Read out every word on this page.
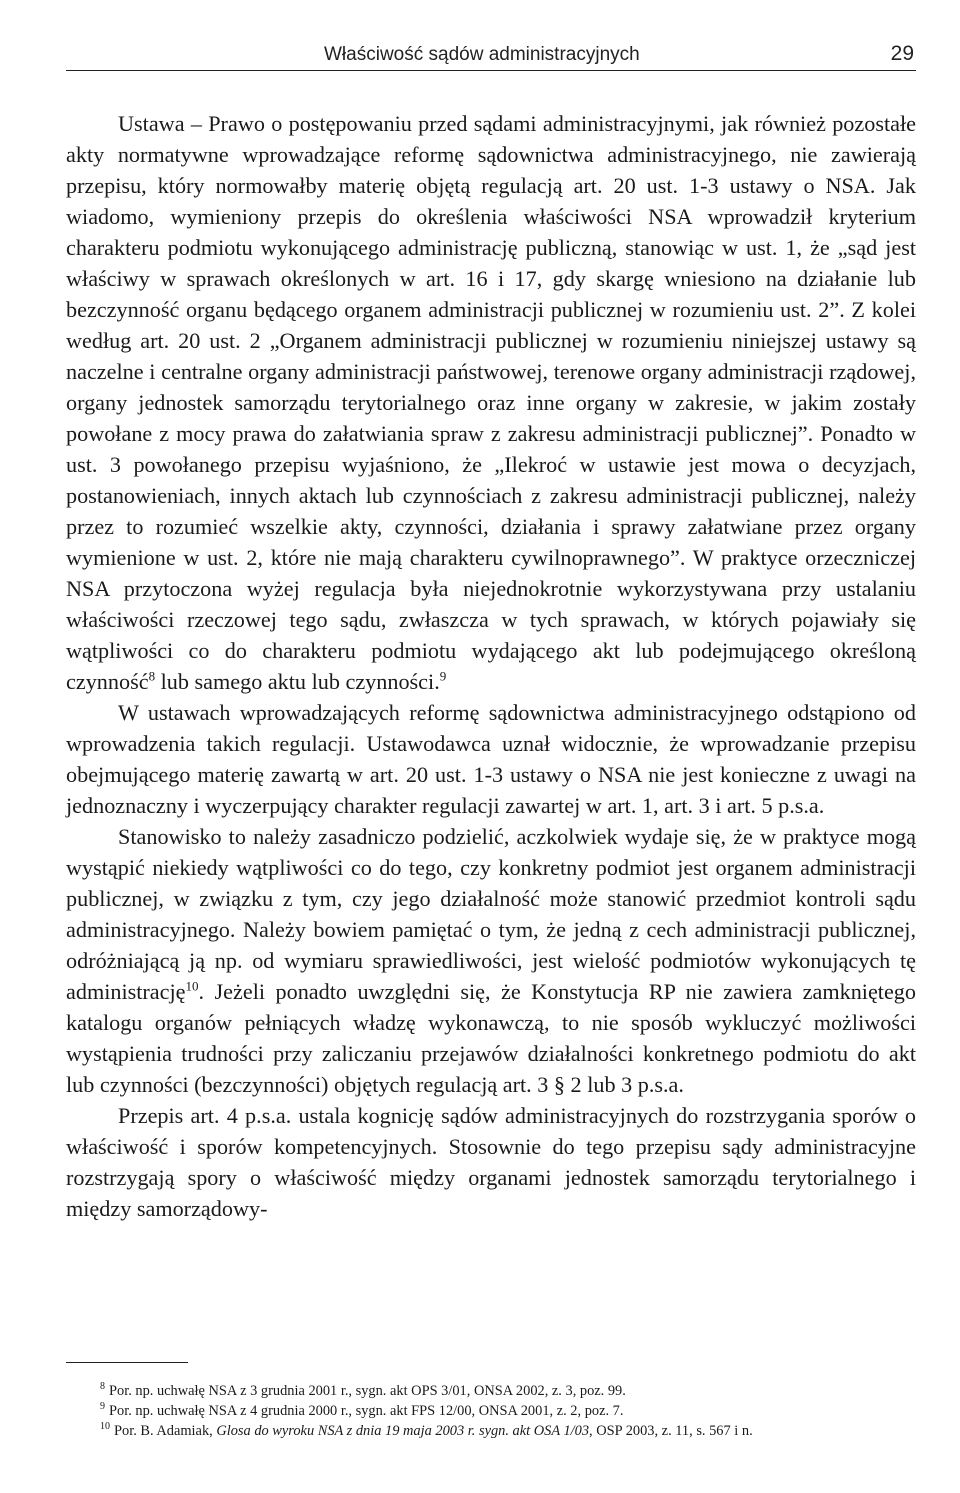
Właściwość sądów administracyjnych	29

Ustawa – Prawo o postępowaniu przed sądami administracyjnymi, jak również pozostałe akty normatywne wprowadzające reformę sądownictwa administracyjnego, nie zawierają przepisu, który normowałby materię objętą regulacją art. 20 ust. 1-3 ustawy o NSA. Jak wiadomo, wymieniony przepis do określenia właściwości NSA wprowadził kryterium charakteru podmiotu wykonującego administrację publiczną, stanowiąc w ust. 1, że „sąd jest właściwy w sprawach określonych w art. 16 i 17, gdy skargę wniesiono na działanie lub bezczynność organu będącego organem administracji publicznej w rozumieniu ust. 2”. Z kolei według art. 20 ust. 2 „Organem administracji publicznej w rozumieniu niniejszej ustawy są naczelne i centralne organy administracji państwowej, terenowe organy administracji rządowej, organy jednostek samorządu terytorialnego oraz inne organy w zakresie, w jakim zostały powołane z mocy prawa do załatwiania spraw z zakresu administracji publicznej”. Ponadto w ust. 3 powołanego przepisu wyjaśniono, że „Ilekroć w ustawie jest mowa o decyzjach, postanowieniach, innych aktach lub czynnościach z zakresu administracji publicznej, należy przez to rozumieć wszelkie akty, czynności, działania i sprawy załatwiane przez organy wymienione w ust. 2, które nie mają charakteru cywilnoprawnego”. W praktyce orzeczniczej NSA przytoczona wyżej regulacja była niejednokrotnie wykorzystywana przy ustalaniu właściwości rzeczowej tego sądu, zwłaszcza w tych sprawach, w których pojawiały się wątpliwości co do charakteru podmiotu wydającego akt lub podejmującego określoną czynność$^8$ lub samego aktu lub czynności.$^9$

W ustawach wprowadzających reformę sądownictwa administracyjnego odstąpiono od wprowadzenia takich regulacji. Ustawodawca uznał widocznie, że wprowadzanie przepisu obejmującego materię zawartą w art. 20 ust. 1-3 ustawy o NSA nie jest konieczne z uwagi na jednoznaczny i wyczerpujący charakter regulacji zawartej w art. 1, art. 3 i art. 5 p.s.a.

Stanowisko to należy zasadniczo podzielić, aczkolwiek wydaje się, że w praktyce mogą wystąpić niekiedy wątpliwości co do tego, czy konkretny podmiot jest organem administracji publicznej, w związku z tym, czy jego działalność może stanowić przedmiot kontroli sądu administracyjnego. Należy bowiem pamiętać o tym, że jedną z cech administracji publicznej, odróżniającą ją np. od wymiaru sprawiedliwości, jest wielość podmiotów wykonujących tę administrację$^{10}$. Jeżeli ponadto uwzględni się, że Konstytucja RP nie zawiera zamkniętego katalogu organów pełniących władzę wykonawczą, to nie sposób wykluczyć możliwości wystąpienia trudności przy zaliczaniu przejawów działalności konkretnego podmiotu do akt lub czynności (bezczynności) objętych regulacją art. 3 § 2 lub 3 p.s.a.

Przepis art. 4 p.s.a. ustala kognicję sądów administracyjnych do rozstrzygania sporów o właściwość i sporów kompetencyjnych. Stosownie do tego przepisu sądy administracyjne rozstrzygają spory o właściwość między organami jednostek samorządu terytorialnego i między samorządowy-

$^8$ Por. np. uchwałę NSA z 3 grudnia 2001 r., sygn. akt OPS 3/01, ONSA 2002, z. 3, poz. 99.

$^9$ Por. np. uchwałę NSA z 4 grudnia 2000 r., sygn. akt FPS 12/00, ONSA 2001, z. 2, poz. 7.

$^{10}$ Por. B. Adamiak, Glosa do wyroku NSA z dnia 19 maja 2003 r. sygn. akt OSA 1/03, OSP 2003, z. 11, s. 567 i n.
